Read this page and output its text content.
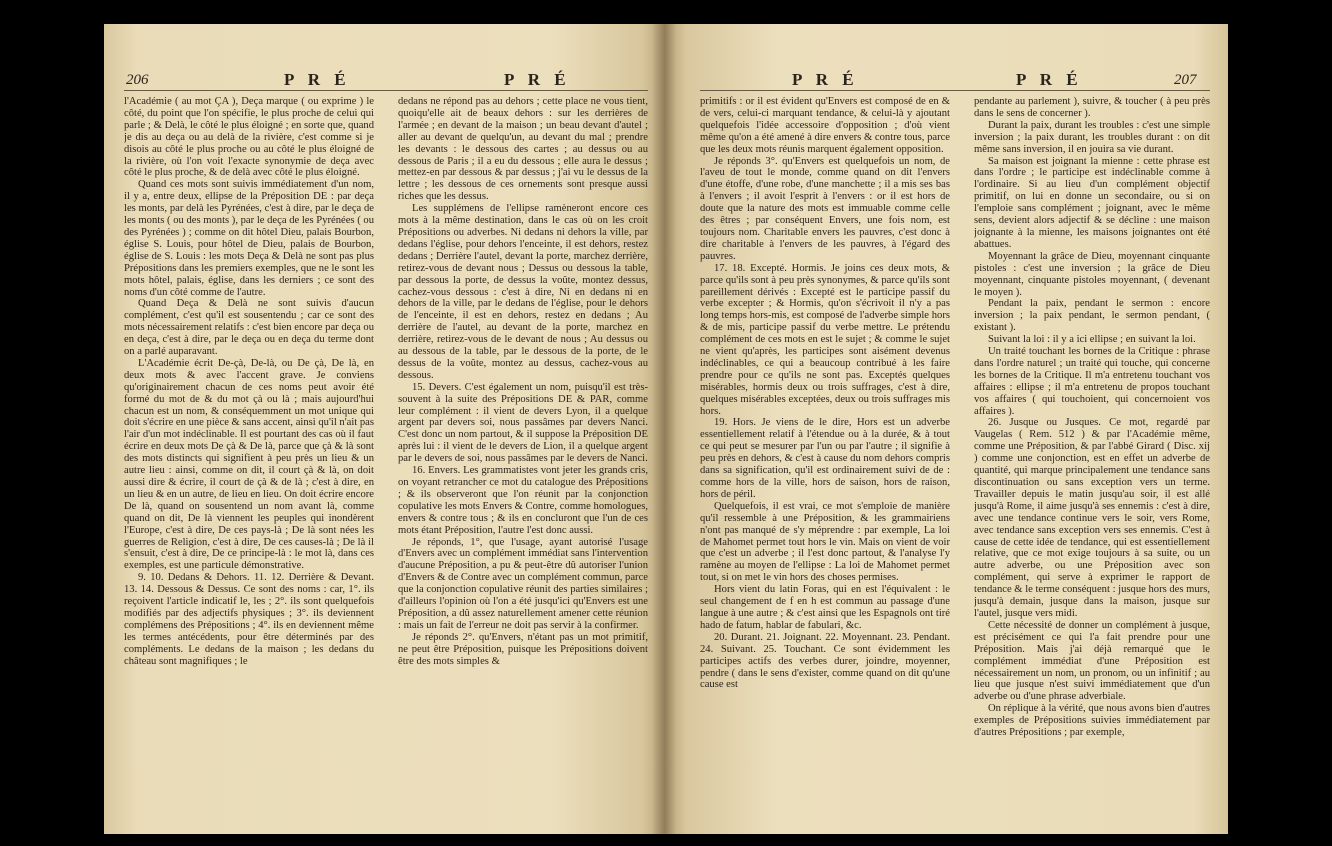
206	P R É	P R É

l'Académie ( au mot ÇA ), Deça marque ( ou exprime ) le côté, du point que l'on spécifie, le plus proche de celui qui parle ; & Delà, le côté le plus éloigné ; en sorte que, quand je dis au deça ou au delà de la rivière, c'est comme si je disois au côté le plus proche ou au côté le plus éloigné de la rivière, où l'on voit l'exacte synonymie de deça avec côté le plus proche, & de delà avec côté le plus éloigné.

Quand ces mots sont suivis immédiatement d'un nom, il y a, entre deux, ellipse de la Préposition DE : par deça les monts, par delà les Pyrénées, c'est à dire, par le deça de les monts ( ou des monts ), par le deça de les Pyrénées ( ou des Pyrénées ) ; comme on dit hôtel Dieu, palais Bourbon, église S. Louis, pour hôtel de Dieu, palais de Bourbon, église de S. Louis : les mots Deça & Delà ne sont pas plus Prépositions dans les premiers exemples, que ne le sont les mots hôtel, palais, église, dans les derniers ; ce sont des noms d'un côté comme de l'autre.

Quand Deça & Delà ne sont suivis d'aucun complément, c'est qu'il est sousentendu ; car ce sont des mots nécessairement relatifs : c'est bien encore par deça ou en deça, c'est à dire, par le deça ou en deça du terme dont on a parlé auparavant.

L'Académie écrit De-çà, De-là, ou De çà, De là, en deux mots & avec l'accent grave. Je conviens qu'originairement chacun de ces noms peut avoir été formé du mot de & du mot çà ou là ; mais aujourd'hui chacun est un nom, & conséquemment un mot unique qui doit s'écrire en une pièce & sans accent, ainsi qu'il n'ait pas l'air d'un mot indéclinable. Il est pourtant des cas où il faut écrire en deux mots De çà & De là, parce que çà & là sont des mots distincts qui signifient à peu près un lieu & un autre lieu : ainsi, comme on dit, il court çà & là, on doit aussi dire & écrire, il court de çà & de là ; c'est à dire, en un lieu & en un autre, de lieu en lieu. On doit écrire encore De là, quand on sousentend un nom avant là, comme quand on dit, De là viennent les peuples qui inondèrent l'Europe, c'est à dire, De ces pays-là ; De là sont nées les guerres de Religion, c'est à dire, De ces causes-là ; De là il s'ensuit, c'est à dire, De ce principe-là : le mot là, dans ces exemples, est une particule démonstrative.

9. 10. Dedans & Dehors. 11. 12. Derrière & Devant. 13. 14. Dessous & Dessus. Ce sont des noms : car, 1°. ils reçoivent l'article indicatif le, les ; 2°. ils sont quelquefois modifiés par des adjectifs physiques ; 3°. ils deviennent complémens des Prépositions ; 4°. ils en deviennent même les termes antécédents, pour être déterminés par des compléments. Le dedans de la maison ; les dedans du château sont magnifiques ; le

dedans ne répond pas au dehors ; cette place ne vous tient, quoiqu'elle ait de beaux dehors : sur les derrières de l'armée ; en devant de la maison ; un beau devant d'autel ; aller au devant de quelqu'un, au devant du mal ; prendre les devants : le dessous des cartes ; au dessus ou au dessous de Paris ; il a eu du dessous ; elle aura le dessus ; mettez-en par dessous & par dessus ; j'ai vu le dessus de la lettre ; les dessous de ces ornements sont presque aussi riches que les dessus.

Les supplémens de l'ellipse ramèneront encore ces mots à la même destination, dans le cas où on les croit Prépositions ou adverbes. Ni dedans ni dehors la ville, par dedans l'église, pour dehors l'enceinte, il est dehors, restez dedans ; Derrière l'autel, devant la porte, marchez derrière, retirez-vous de devant nous ; Dessus ou dessous la table, par dessous la porte, de dessus la voûte, montez dessus, cachez-vous dessous : c'est à dire, Ni en dedans ni en dehors de la ville, par le dedans de l'église, pour le dehors de l'enceinte, il est en dehors, restez en dedans ; Au derrière de l'autel, au devant de la porte, marchez en derrière, retirez-vous de le devant de nous ; Au dessus ou au dessous de la table, par le dessous de la porte, de le dessus de la voûte, montez au dessus, cachez-vous au dessous.

15. Devers. C'est également un nom, puisqu'il est très-souvent à la suite des Prépositions DE & PAR, comme leur complément : il vient de devers Lyon, il a quelque argent par devers soi, nous passâmes par devers Nanci. C'est donc un nom partout, & il suppose la Préposition DE après lui : il vient de le devers de Lion, il a quelque argent par le devers de soi, nous passâmes par le devers de Nanci.

16. Envers. Les grammatistes vont jeter les grands cris, on voyant retrancher ce mot du catalogue des Prépositions ; & ils observeront que l'on réunit par la conjonction copulative les mots Envers & Contre, comme homologues, envers & contre tous ; & ils en concluront que l'un de ces mots étant Préposition, l'autre l'est donc aussi.

Je réponds, 1°, que l'usage, ayant autorisé l'usage d'Envers avec un complément immédiat sans l'intervention d'aucune Préposition, a pu & peut-être dû autoriser l'union d'Envers & de Contre avec un complément commun, parce que la conjonction copulative réunit des parties similaires ; d'ailleurs l'opinion où l'on a été jusqu'ici qu'Envers est une Préposition, a dû assez naturellement amener cette réunion : mais un fait de l'erreur ne doit pas servir à la confirmer.

Je réponds 2°. qu'Envers, n'étant pas un mot primitif, ne peut être Préposition, puisque les Prépositions doivent être des mots simples &

P R É	P R É	207

primitifs : or il est évident qu'Envers est composé de en & de vers, celui-ci marquant tendance, & celui-là y ajoutant quelquefois l'idée accessoire d'opposition ; d'où vient même qu'on a été amené à dire envers & contre tous, parce que les deux mots réunis marquent également opposition.

Je réponds 3°. qu'Envers est quelquefois un nom, de l'aveu de tout le monde, comme quand on dit l'envers d'une étoffe, d'une robe, d'une manchette ; il a mis ses bas à l'envers ; il avoit l'esprit à l'envers : or il est hors de doute que la nature des mots est immuable comme celle des êtres ; par conséquent Envers, une fois nom, est toujours nom. Charitable envers les pauvres, c'est donc à dire charitable à l'envers de les pauvres, à l'égard des pauvres.

17. 18. Excepté. Hormis. Je joins ces deux mots, & parce qu'ils sont à peu près synonymes, & parce qu'ils sont pareillement dérivés : Excepté est le participe passif du verbe excepter ; & Hormis, qu'on s'écrivoit il n'y a pas long temps hors-mis, est composé de l'adverbe simple hors & de mis, participe passif du verbe mettre. Le prétendu complément de ces mots en est le sujet ; & comme le sujet ne vient qu'après, les participes sont aisément devenus indéclinables, ce qui a beaucoup contribué à les faire prendre pour ce qu'ils ne sont pas. Exceptés quelques misérables, hormis deux ou trois suffrages, c'est à dire, quelques misérables exceptées, deux ou trois suffrages mis hors.

19. Hors. Je viens de le dire, Hors est un adverbe essentiellement relatif à l'étendue ou à la durée, & à tout ce qui peut se mesurer par l'un ou par l'autre ; il signifie à peu près en dehors, & c'est à cause du nom dehors compris dans sa signification, qu'il est ordinairement suivi de de : comme hors de la ville, hors de saison, hors de raison, hors de péril.

Quelquefois, il est vrai, ce mot s'emploie de manière qu'il ressemble à une Préposition, & les grammairiens n'ont pas manqué de s'y méprendre : par exemple, La loi de Mahomet permet tout hors le vin. Mais on vient de voir que c'est un adverbe ; il l'est donc partout, & l'analyse l'y ramène au moyen de l'ellipse : La loi de Mahomet permet tout, si on met le vin hors des choses permises.

Hors vient du latin Foras, qui en est l'équivalent : le seul changement de f en h est commun au passage d'une langue à une autre ; & c'est ainsi que les Espagnols ont tiré hado de fatum, hablar de fabulari, &c.

20. Durant. 21. Joignant. 22. Moyennant. 23. Pendant. 24. Suivant. 25. Touchant. Ce sont évidemment les participes actifs des verbes durer, joindre, moyenner, pendre ( dans le sens d'exister, comme quand on dit qu'une cause est

pendante au parlement ), suivre, & toucher ( à peu près dans le sens de concerner ).

Durant la paix, durant les troubles : c'est une simple inversion ; la paix durant, les troubles durant : on dit même sans inversion, il en jouira sa vie durant.

Sa maison est joignant la mienne : cette phrase est dans l'ordre ; le participe est indéclinable comme à l'ordinaire. Si au lieu d'un complément objectif primitif, on lui en donne un secondaire, ou si on l'emploie sans complément ; joignant, avec le même sens, devient alors adjectif & se décline : une maison joignante à la mienne, les maisons joignantes ont été abattues.

Moyennant la grâce de Dieu, moyennant cinquante pistoles : c'est une inversion ; la grâce de Dieu moyennant, cinquante pistoles moyennant, ( devenant le moyen ).

Pendant la paix, pendant le sermon : encore inversion ; la paix pendant, le sermon pendant, ( existant ).

Suivant la loi : il y a ici ellipse ; en suivant la loi.

Un traité touchant les bornes de la Critique : phrase dans l'ordre naturel ; un traité qui touche, qui concerne les bornes de la Critique. Il m'a entretenu touchant vos affaires : ellipse ; il m'a entretenu de propos touchant vos affaires ( qui touchoient, qui concernoient vos affaires ).

26. Jusque ou Jusques. Ce mot, regardé par Vaugelas ( Rem. 512 ) & par l'Académie même, comme une Préposition, & par l'abbé Girard ( Disc. xij ) comme une conjonction, est en effet un adverbe de quantité, qui marque principalement une tendance sans discontinuation ou sans exception vers un terme. Travailler depuis le matin jusqu'au soir, il est allé jusqu'à Rome, il aime jusqu'à ses ennemis : c'est à dire, avec une tendance continue vers le soir, vers Rome, avec tendance sans exception vers ses ennemis. C'est à cause de cette idée de tendance, qui est essentiellement relative, que ce mot exige toujours à sa suite, ou un autre adverbe, ou une Préposition avec son complément, qui serve à exprimer le rapport de tendance & le terme conséquent : jusque hors des murs, jusqu'à demain, jusque dans la maison, jusque sur l'autel, jusque vers midi.

Cette nécessité de donner un complément à jusque, est précisément ce qui l'a fait prendre pour une Préposition. Mais j'ai déjà remarqué que le complément immédiat d'une Préposition est nécessairement un nom, un pronom, ou un infinitif ; au lieu que jusque n'est suivi immédiatement que d'un adverbe ou d'une phrase adverbiale.

On réplique à la vérité, que nous avons bien d'autres exemples de Prépositions suivies immédiatement par d'autres Prépositions ; par exemple,
